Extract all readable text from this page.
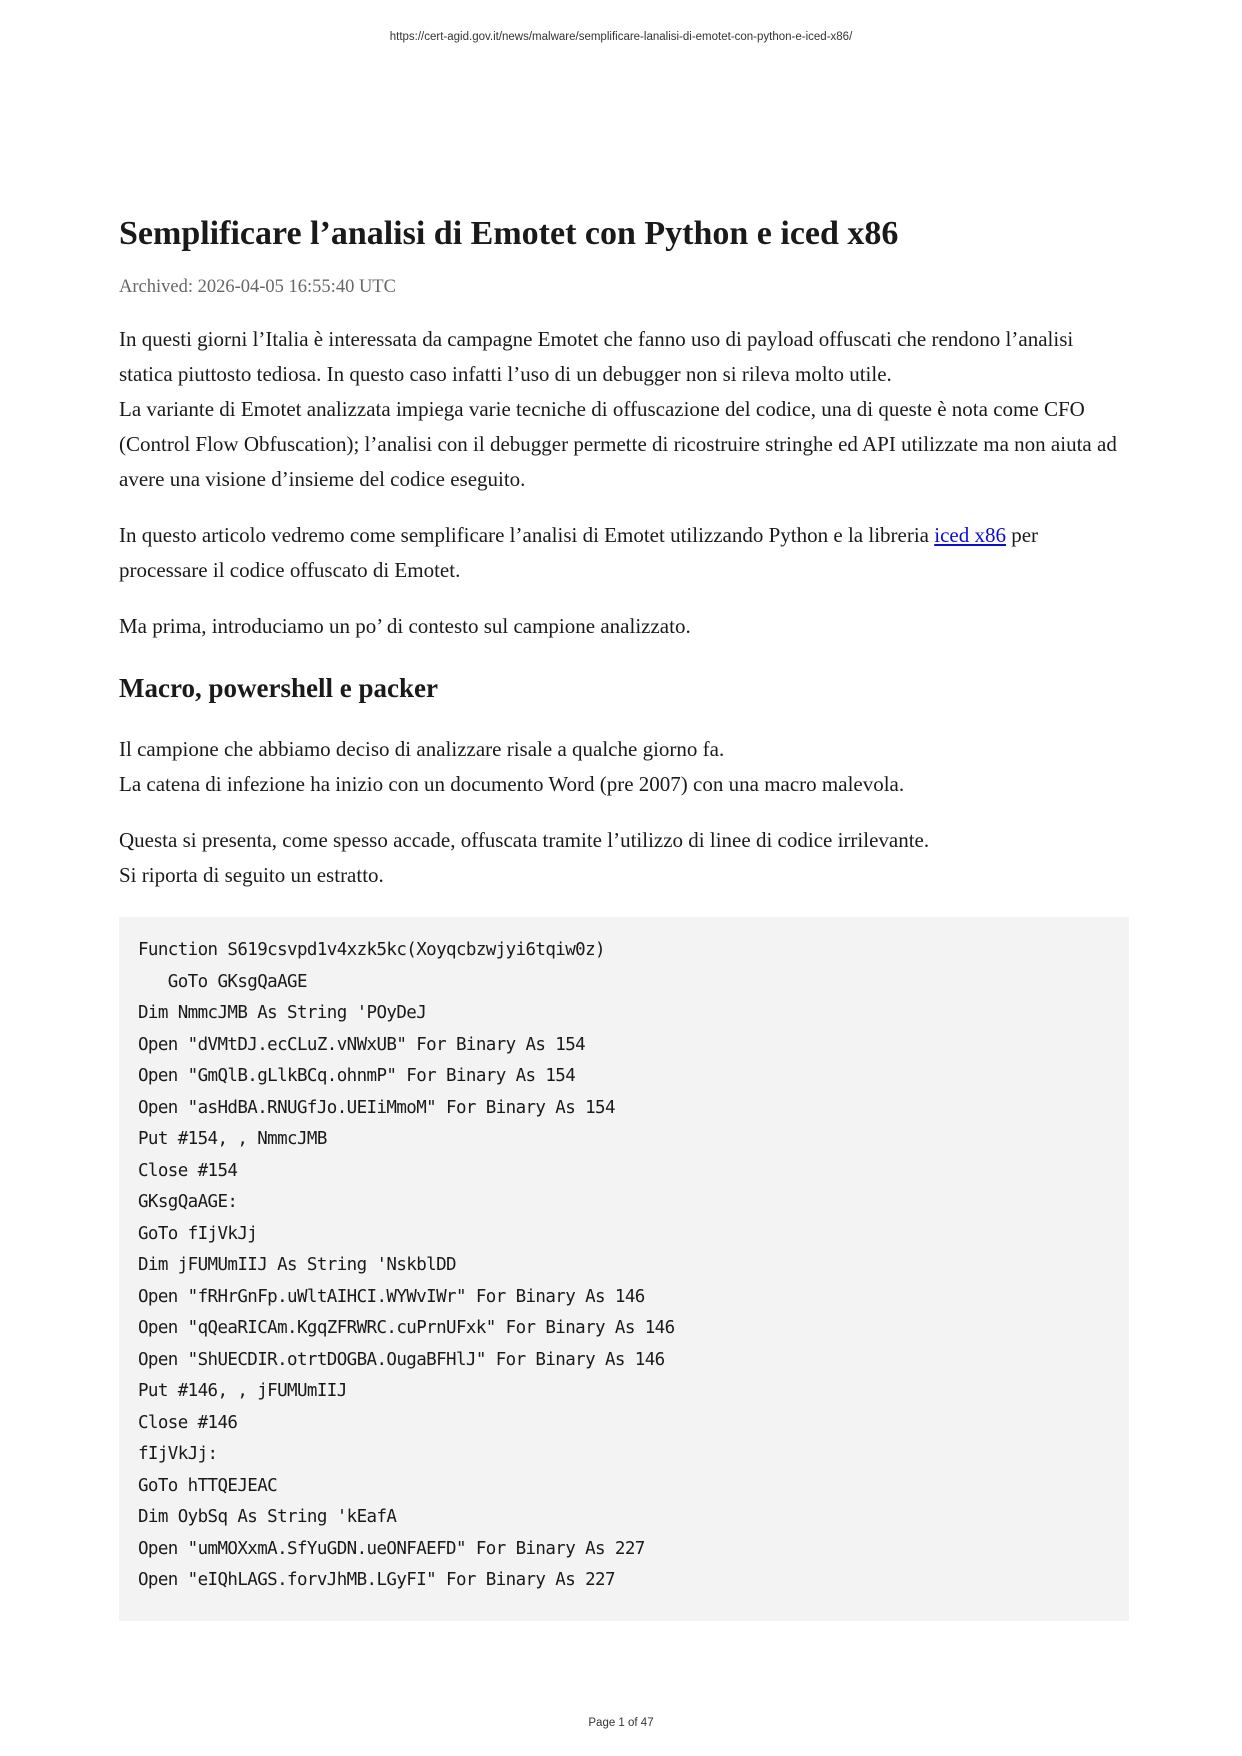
https://cert-agid.gov.it/news/malware/semplificare-lanalisi-di-emotet-con-python-e-iced-x86/
Semplificare l’analisi di Emotet con Python e iced x86
Archived: 2026-04-05 16:55:40 UTC

In questi giorni l’Italia è interessata da campagne Emotet che fanno uso di payload offuscati che rendono l’analisi statica piuttosto tediosa. In questo caso infatti l’uso di un debugger non si rileva molto utile.
La variante di Emotet analizzata impiega varie tecniche di offuscazione del codice, una di queste è nota come CFO (Control Flow Obfuscation); l’analisi con il debugger permette di ricostruire stringhe ed API utilizzate ma non aiuta ad avere una visione d’insieme del codice eseguito.

In questo articolo vedremo come semplificare l’analisi di Emotet utilizzando Python e la libreria iced x86 per processare il codice offuscato di Emotet.

Ma prima, introduciamo un po’ di contesto sul campione analizzato.

Macro, powershell e packer

Il campione che abbiamo deciso di analizzare risale a qualche giorno fa.
La catena di infezione ha inizio con un documento Word (pre 2007) con una macro malevola.

Questa si presenta, come spesso accade, offuscata tramite l’utilizzo di linee di codice irrilevante.
Si riporta di seguito un estratto.

Function S619csvpd1v4xzk5kc(Xoyqcbzwjyi6tqiw0z)
GoTo GKsgQaAGE
Dim NmmcJMB As String 'POyDeJ
Open "dVMtDJ.ecCLuZ.vNWxUB" For Binary As 154
Open "GmQlB.gLlkBCq.ohnmP" For Binary As 154
Open "asHdBA.RNUGfJo.UEIiMmoM" For Binary As 154
Put #154, , NmmcJMB
Close #154
GKsgQaAGE:
GoTo fIjVkJj
Dim jFUMUmIIJ As String 'NskblDD
Open "fRHrGnFp.uWltAIHCI.WYWvIWr" For Binary As 146
Open "qQeaRICAm.KgqZFRWRC.cuPrnUFxk" For Binary As 146
Open "ShUECDIR.otrtDOGBA.OugaBFHlJ" For Binary As 146
Put #146, , jFUMUmIIJ
Close #146
fIjVkJj:
GoTo hTTQEJEAC
Dim OybSq As String 'kEafA
Open "umMOXxmA.SfYuGDN.ueONFAEFD" For Binary As 227
Open "eIQhLAGS.forvJhMB.LGyFI" For Binary As 227
Page 1 of 47
